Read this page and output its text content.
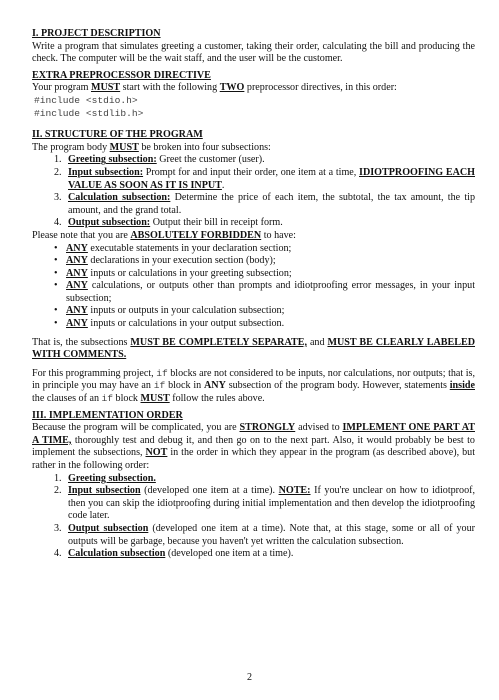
I. PROJECT DESCRIPTION

Write a program that simulates greeting a customer, taking their order, calculating the bill and producing the check. The computer will be the wait staff, and the user will be the customer.

EXTRA PREPROCESSOR DIRECTIVE

Your program MUST start with the following TWO preprocessor directives, in this order:

#include <stdio.h>

#include <stdlib.h>

II. STRUCTURE OF THE PROGRAM

The program body MUST be broken into four subsections:

1. Greeting subsection: Greet the customer (user).
2. Input subsection: Prompt for and input their order, one item at a time, IDIOTPROOFING EACH VALUE AS SOON AS IT IS INPUT.
3. Calculation subsection: Determine the price of each item, the subtotal, the tax amount, the tip amount, and the grand total.
4. Output subsection: Output their bill in receipt form.

Please note that you are ABSOLUTELY FORBIDDEN to have:

• ANY executable statements in your declaration section;
• ANY declarations in your execution section (body);
• ANY inputs or calculations in your greeting subsection;
• ANY calculations, or outputs other than prompts and idiotproofing error messages, in your input subsection;
• ANY inputs or outputs in your calculation subsection;
• ANY inputs or calculations in your output subsection.

That is, the subsections MUST BE COMPLETELY SEPARATE, and MUST BE CLEARLY LABELED WITH COMMENTS.

For this programming project, if blocks are not considered to be inputs, nor calculations, nor outputs; that is, in principle you may have an if block in ANY subsection of the program body. However, statements inside the clauses of an if block MUST follow the rules above.

III. IMPLEMENTATION ORDER

Because the program will be complicated, you are STRONGLY advised to IMPLEMENT ONE PART AT A TIME, thoroughly test and debug it, and then go on to the next part. Also, it would probably be best to implement the subsections, NOT in the order in which they appear in the program (as described above), but rather in the following order:

1. Greeting subsection.
2. Input subsection (developed one item at a time). NOTE: If you're unclear on how to idiotproof, then you can skip the idiotproofing during initial implementation and then develop the idiotproofing code later.
3. Output subsection (developed one item at a time). Note that, at this stage, some or all of your outputs will be garbage, because you haven't yet written the calculation subsection.
4. Calculation subsection (developed one item at a time).
2
